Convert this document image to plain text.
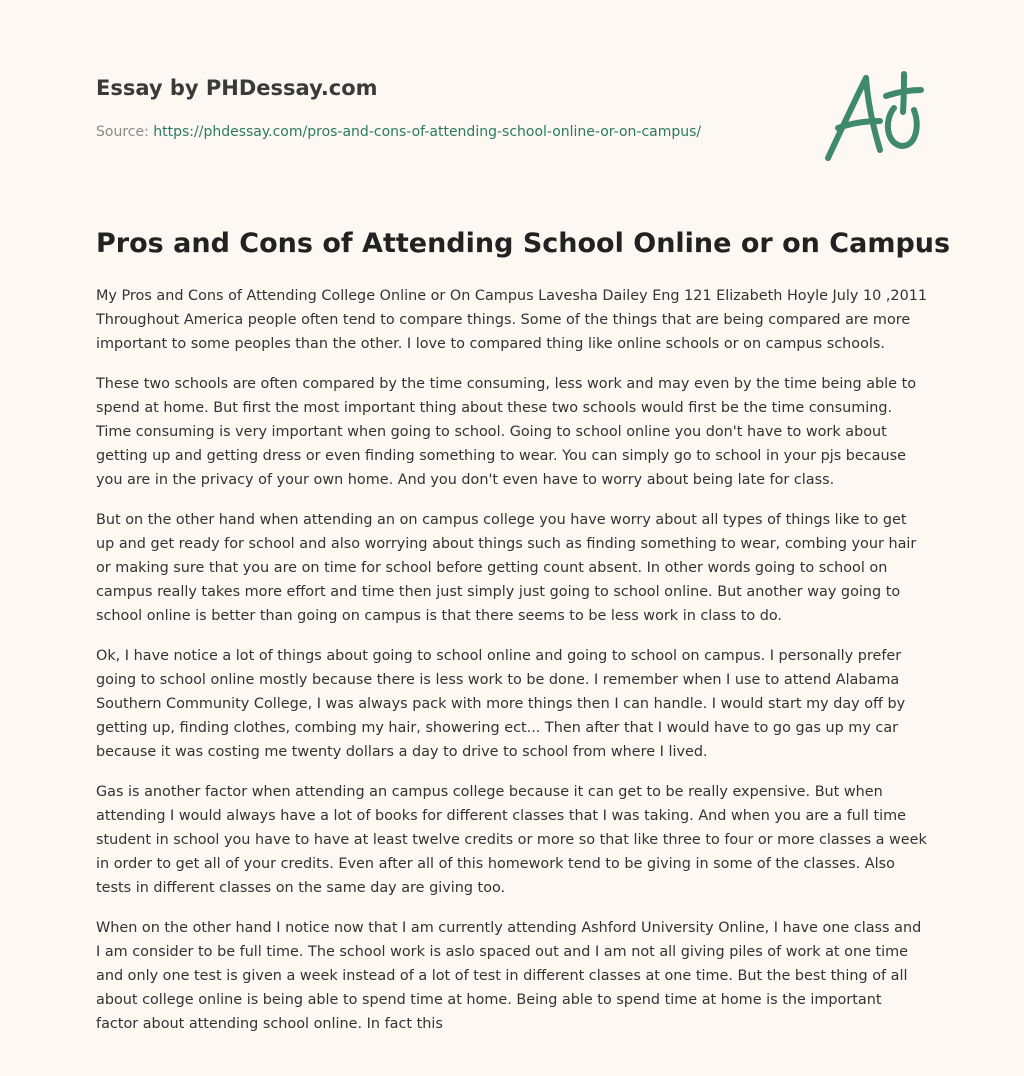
Essay by PHDessay.com
Source: https://phdessay.com/pros-and-cons-of-attending-school-online-or-on-campus/
Pros and Cons of Attending School Online or on Campus

My Pros and Cons of Attending College Online or On Campus Lavesha Dailey Eng 121 Elizabeth Hoyle July 10 ,2011 Throughout America people often tend to compare things. Some of the things that are being compared are more important to some peoples than the other. I love to compared thing like online schools or on campus schools.

These two schools are often compared by the time consuming, less work and may even by the time being able to spend at home. But first the most important thing about these two schools would first be the time consuming. Time consuming is very important when going to school. Going to school online you don't have to work about getting up and getting dress or even finding something to wear. You can simply go to school in your pjs because you are in the privacy of your own home. And you don't even have to worry about being late for class.

But on the other hand when attending an on campus college you have worry about all types of things like to get up and get ready for school and also worrying about things such as finding something to wear, combing your hair or making sure that you are on time for school before getting count absent. In other words going to school on campus really takes more effort and time then just simply just going to school online. But another way going to school online is better than going on campus is that there seems to be less work in class to do.

Ok, I have notice a lot of things about going to school online and going to school on campus. I personally prefer going to school online mostly because there is less work to be done. I remember when I use to attend Alabama Southern Community College, I was always pack with more things then I can handle. I would start my day off by getting up, finding clothes, combing my hair, showering ect... Then after that I would have to go gas up my car because it was costing me twenty dollars a day to drive to school from where I lived.

Gas is another factor when attending an campus college because it can get to be really expensive. But when attending I would always have a lot of books for different classes that I was taking. And when you are a full time student in school you have to have at least twelve credits or more so that like three to four or more classes a week in order to get all of your credits. Even after all of this homework tend to be giving in some of the classes. Also tests in different classes on the same day are giving too.

When on the other hand I notice now that I am currently attending Ashford University Online, I have one class and I am consider to be full time. The school work is aslo spaced out and I am not all giving piles of work at one time and only one test is given a week instead of a lot of test in different classes at one time. But the best thing of all about college online is being able to spend time at home. Being able to spend time at home is the important factor about attending school online. In fact this
